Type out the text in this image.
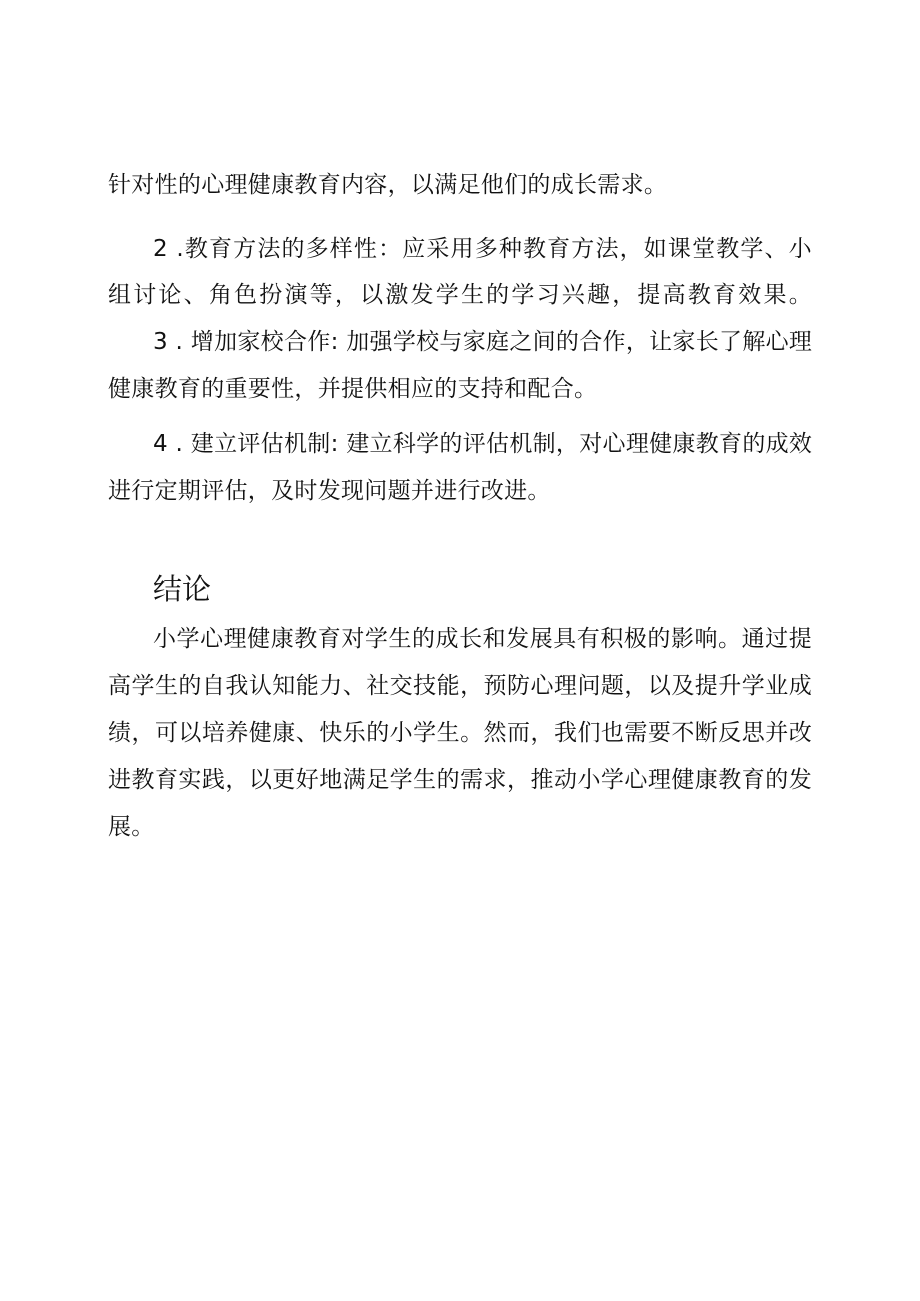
针对性的心理健康教育内容，以满足他们的成长需求。
2 .教育方法的多样性：应采用多种教育方法，如课堂教学、小
组讨论、角色扮演等，以激发学生的学习兴趣，提高教育效果。
3 . 增加家校合作: 加强学校与家庭之间的合作，让家长了解心理
健康教育的重要性，并提供相应的支持和配合。
4 . 建立评估机制: 建立科学的评估机制，对心理健康教育的成效
进行定期评估，及时发现问题并进行改进。
结论
小学心理健康教育对学生的成长和发展具有积极的影响。通过提
高学生的自我认知能力、社交技能，预防心理问题，以及提升学业成
绩，可以培养健康、快乐的小学生。然而，我们也需要不断反思并改
进教育实践，以更好地满足学生的需求，推动小学心理健康教育的发
展。
